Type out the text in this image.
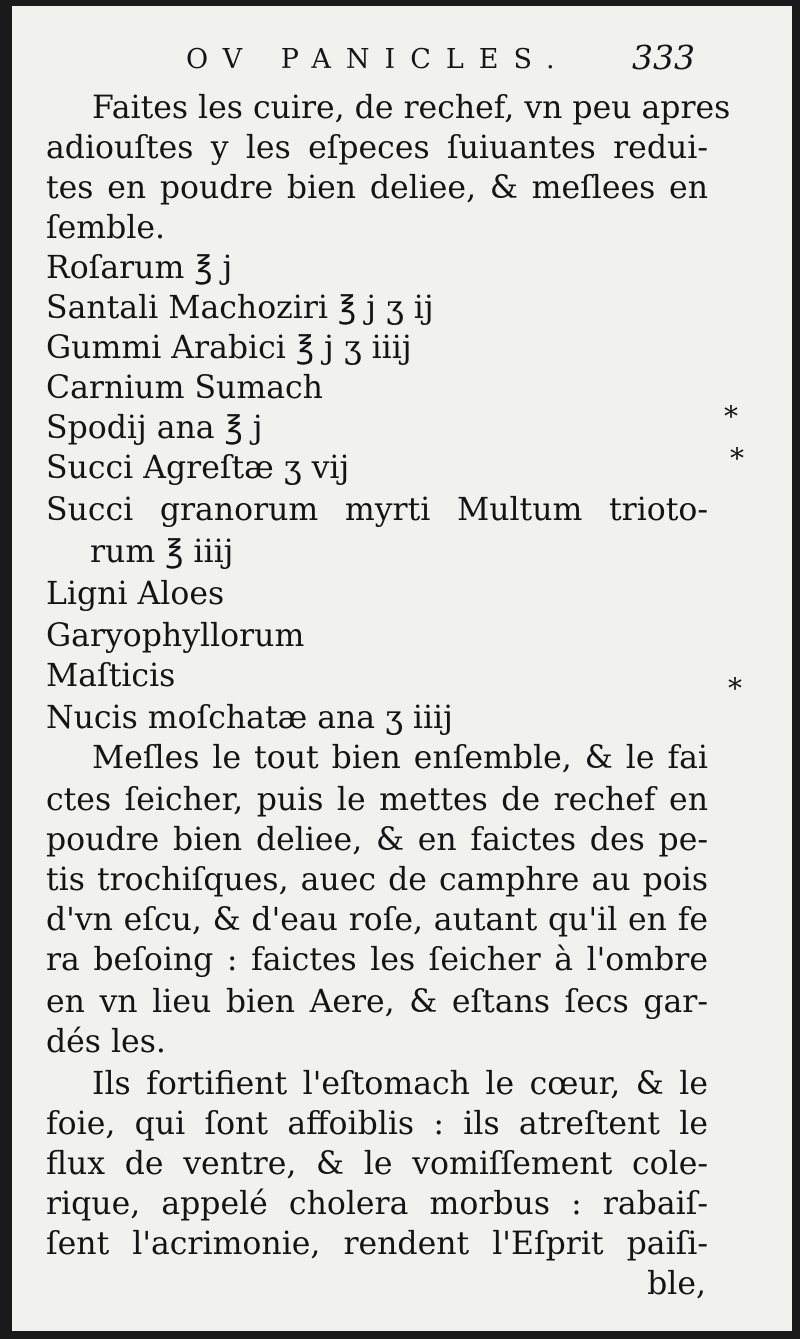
OV PANICLES. 333
Faites les cuire, de rechef, vn peu apres
adiouſtes y les eſpeces ſuiuantes redui-
tes en poudre bien deliee, & meſlees en
ſemble.
Roſarum ℥ j
Santali Machoziri ℥ j ʒ ij
Gummi Arabici ℥ j ʒ iiij
Carnium Sumach
Spodij ana ℥ j
Succi Agreſtæ ʒ vij
Succi granorum myrti Multum trioto-
rum ℥ iiij
Ligni Aloes
Garyophyllorum
Maſticis
Nucis moſchatæ ana ʒ iiij
Meſles le tout bien enſemble, & le fai
ctes ſeicher, puis le mettes de rechef en
poudre bien deliee, & en faictes des pe-
tis trochiſques, auec de camphre au pois
d'vn eſcu, & d'eau roſe, autant qu'il en fe
ra beſoing : faictes les ſeicher à l'ombre
en vn lieu bien Aere, & eſtans ſecs gar-
dés les.
Ils fortifient l'eſtomach le cœur, & le
foie, qui ſont affoiblis : ils atreſtent le
flux de ventre, & le vomiſſement cole-
rique, appelé cholera morbus : rabaiſ-
ſent l'acrimonie, rendent l'Eſprit paiſi-
ble,
*
*
*
